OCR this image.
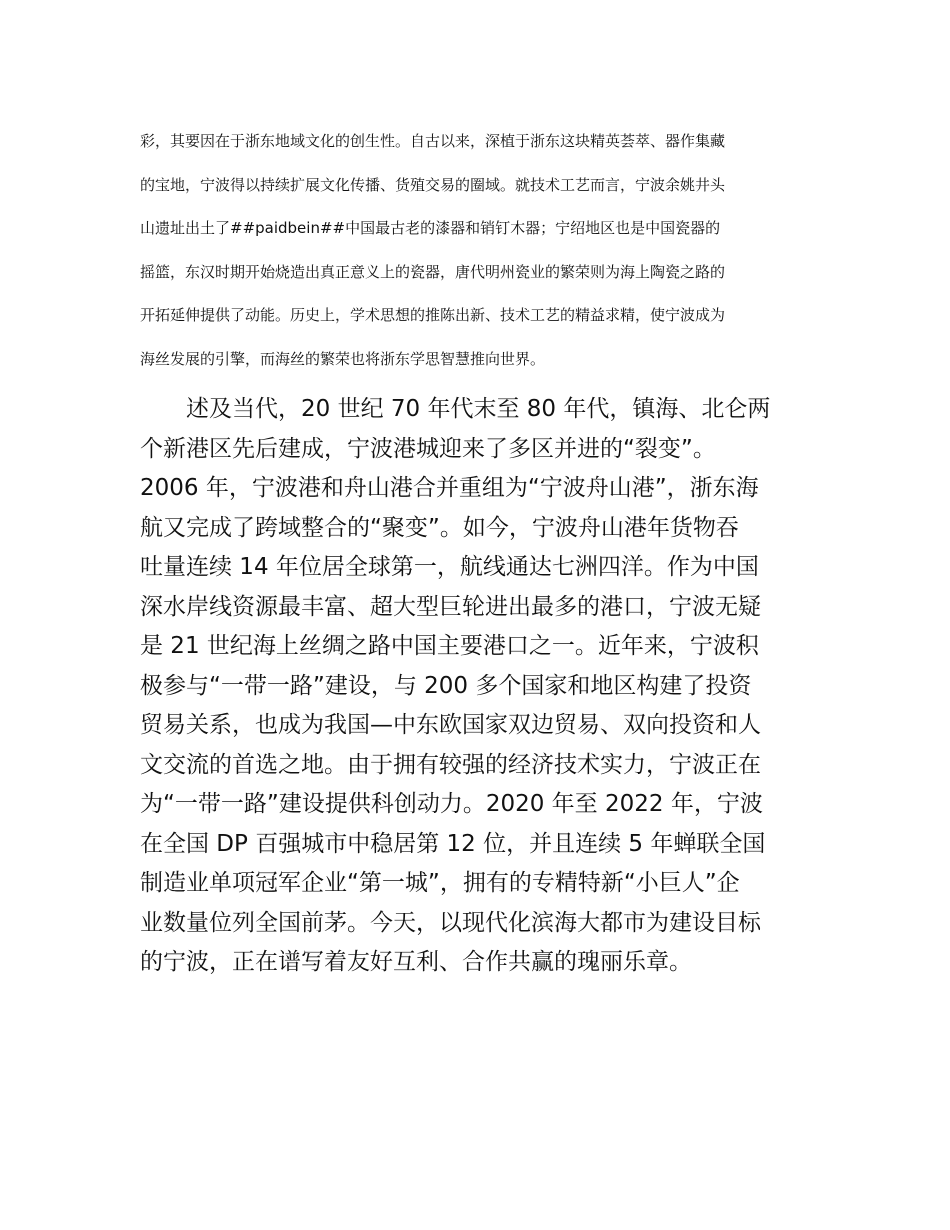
彩，其要因在于浙东地域文化的创生性。自古以来，深植于浙东这块精英荟萃、器作集藏
的宝地，宁波得以持续扩展文化传播、货殖交易的圈域。就技术工艺而言，宁波余姚井头
山遗址出土了##paidbein##中国最古老的漆器和销钉木器；宁绍地区也是中国瓷器的
摇篮，东汉时期开始烧造出真正意义上的瓷器，唐代明州瓷业的繁荣则为海上陶瓷之路的
开拓延伸提供了动能。历史上，学术思想的推陈出新、技术工艺的精益求精，使宁波成为
海丝发展的引擎，而海丝的繁荣也将浙东学思智慧推向世界。
　　述及当代，20 世纪 70 年代末至 80 年代，镇海、北仑两
个新港区先后建成，宁波港城迎来了多区并进的“裂变”。
2006 年，宁波港和舟山港合并重组为“宁波舟山港”，浙东海
航又完成了跨域整合的“聚变”。如今，宁波舟山港年货物吞
吐量连续 14 年位居全球第一，航线通达七洲四洋。作为中国
深水岸线资源最丰富、超大型巨轮进出最多的港口，宁波无疑
是 21 世纪海上丝绸之路中国主要港口之一。近年来，宁波积
极参与“一带一路”建设，与 200 多个国家和地区构建了投资
贸易关系，也成为我国—中东欧国家双边贸易、双向投资和人
文交流的首选之地。由于拥有较强的经济技术实力，宁波正在
为“一带一路”建设提供科创动力。2020 年至 2022 年，宁波
在全国 DP 百强城市中稳居第 12 位，并且连续 5 年蝉联全国
制造业单项冠军企业“第一城”，拥有的专精特新“小巨人”企
业数量位列全国前茅。今天，以现代化滨海大都市为建设目标
的宁波，正在谱写着友好互利、合作共赢的瑰丽乐章。
